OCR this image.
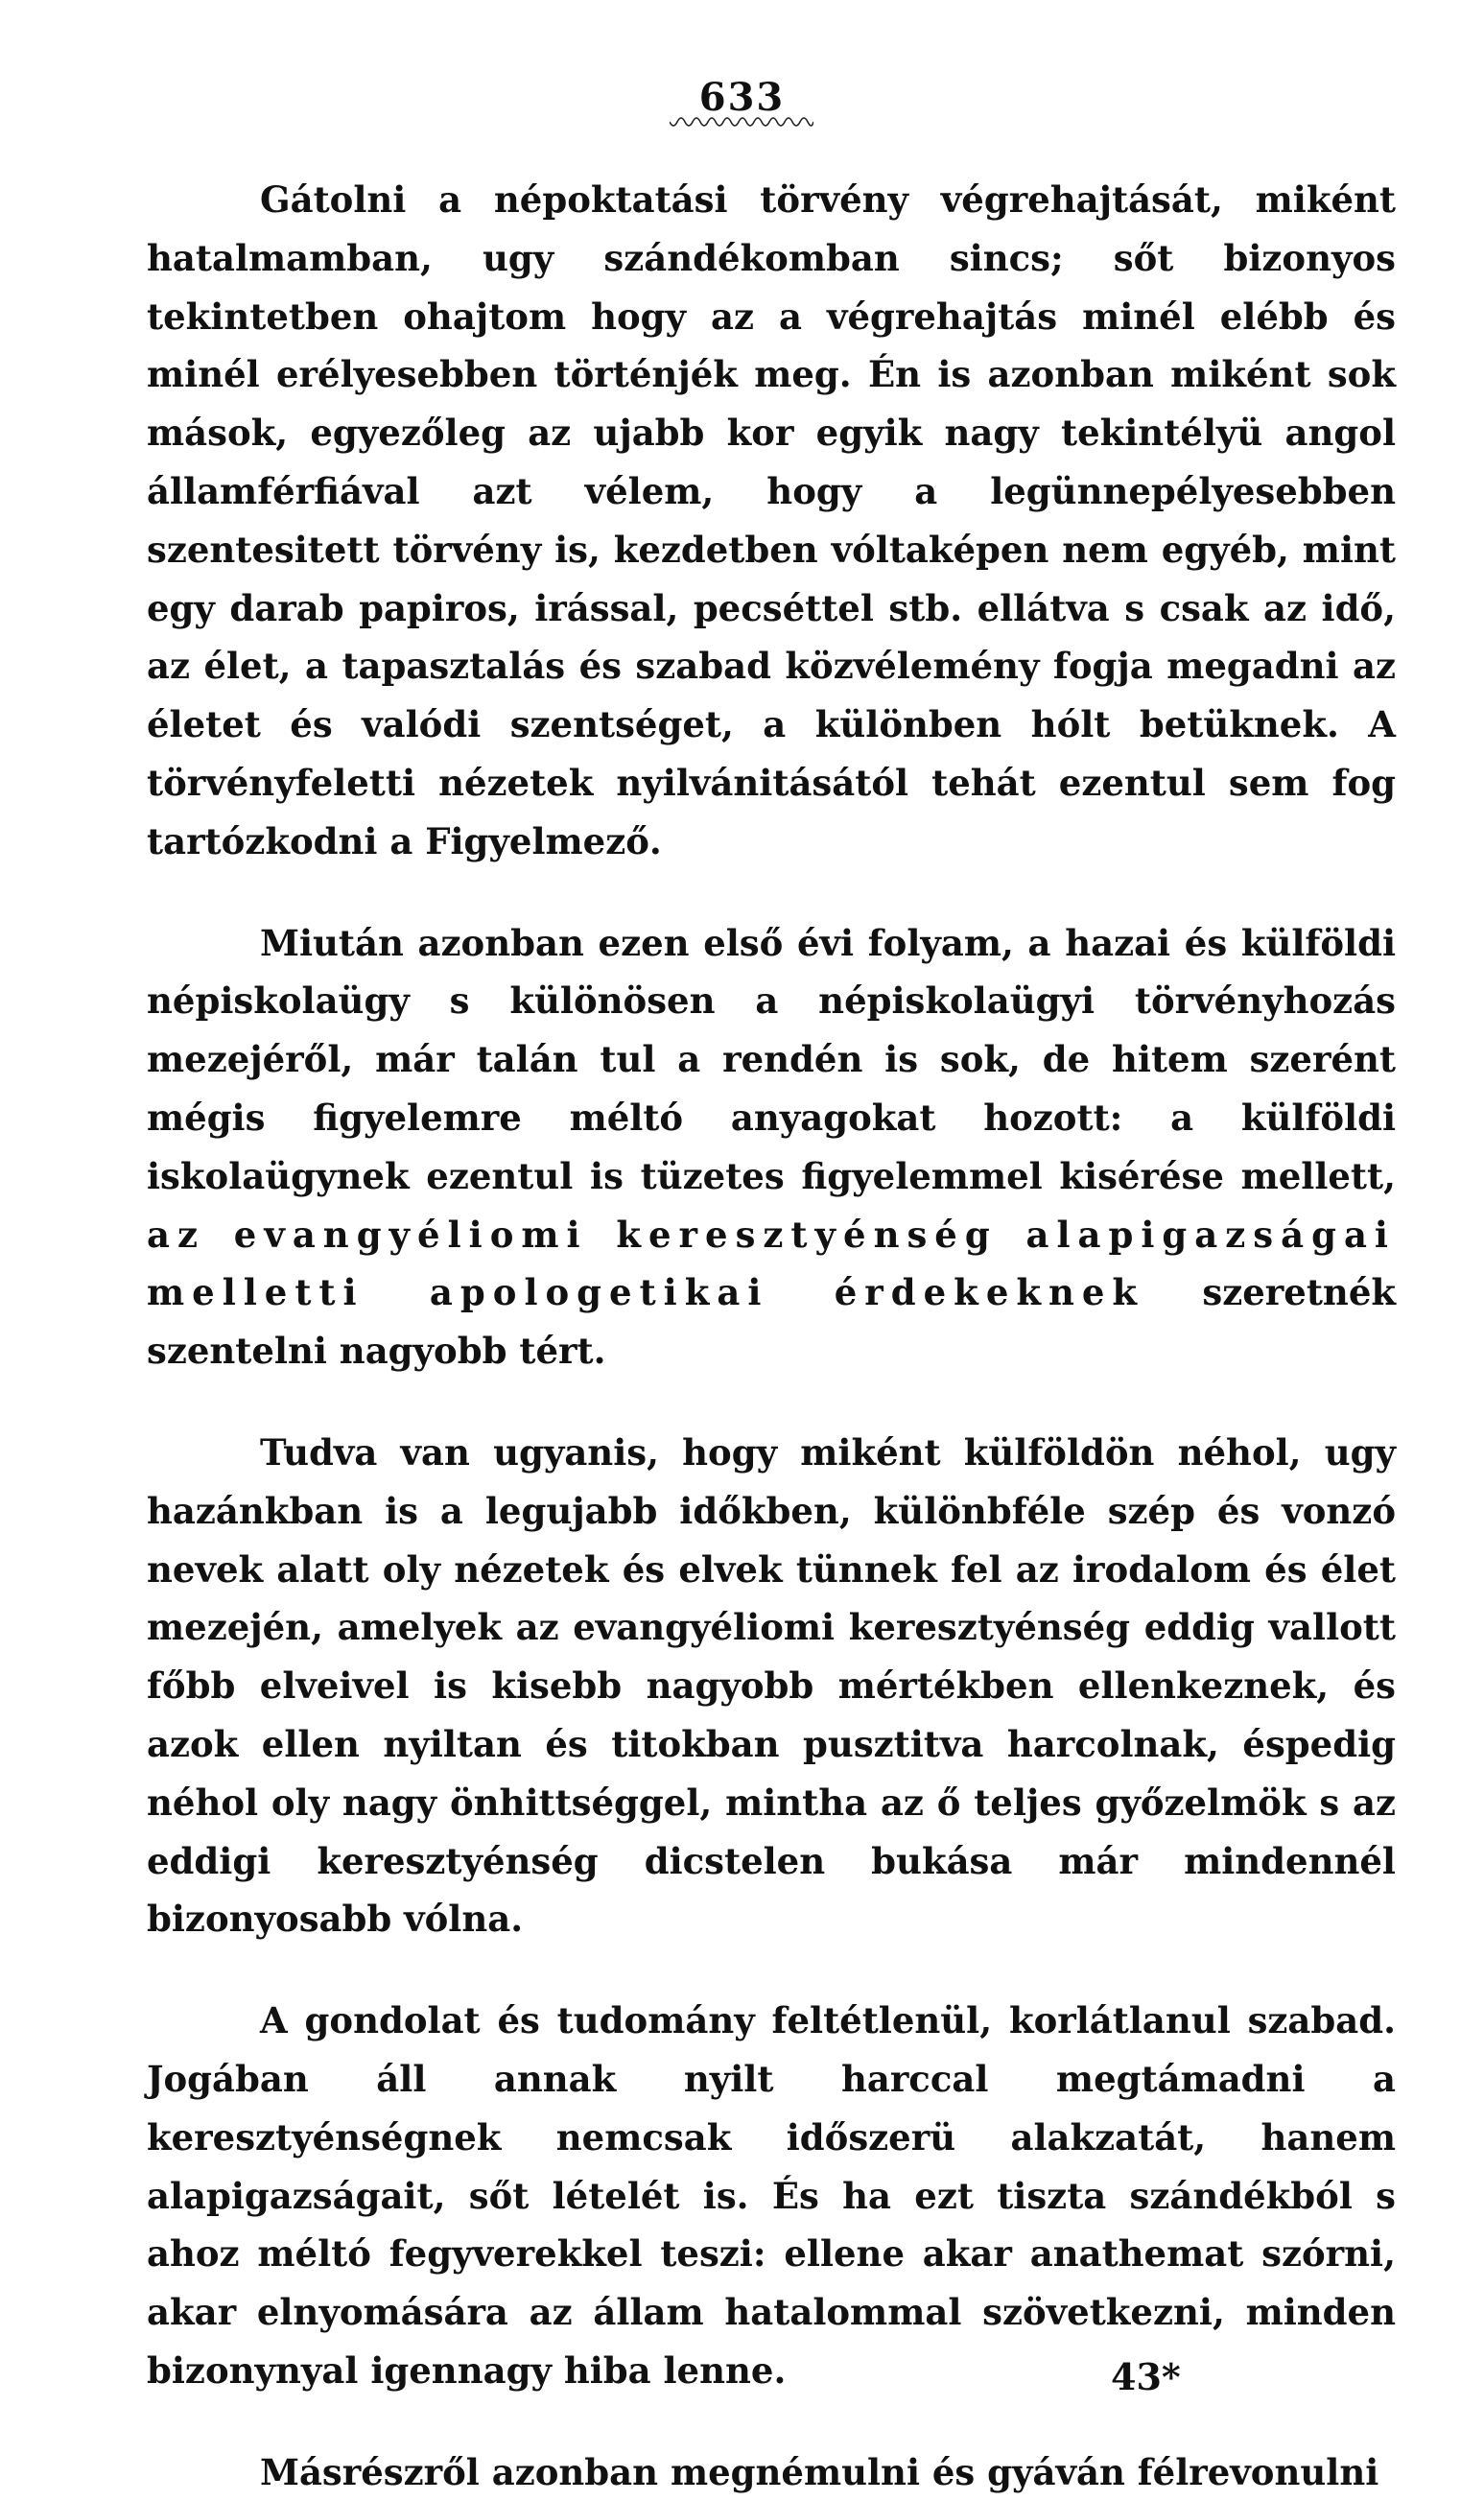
633

Gátolni a népoktatási törvény végrehajtását, miként hatalmamban, ugy szándékomban sincs; sőt bizonyos tekintetben ohajtom hogy az a végrehajtás minél elébb és minél erélyesebben történjék meg. Én is azonban miként sok mások, egyezőleg az ujabb kor egyik nagy tekintélyü angol államférfiával azt vélem, hogy a legünnepélyesebben szentesitett törvény is, kezdetben vóltaképen nem egyéb, mint egy darab papiros, irással, pecséttel stb. ellátva s csak az idő, az élet, a tapasztalás és szabad közvélemény fogja megadni az életet és valódi szentséget, a különben hólt betüknek. A törvényfeletti nézetek nyilvánitásától tehát ezentul sem fog tartózkodni a Figyelmező.

Miután azonban ezen első évi folyam, a hazai és külföldi népiskolaügy s különösen a népiskolaügyi törvényhozás mezejéről, már talán tul a rendén is sok, de hitem szerént mégis figyelemre méltó anyagokat hozott: a külföldi iskolaügynek ezentul is tüzetes figyelemmel kisérése mellett, az evangyéliomi keresztyénség alapigazságai melletti apologetikai érdekeknek szeretnék szentelni nagyobb tért.

Tudva van ugyanis, hogy miként külföldön néhol, ugy hazánkban is a legujabb időkben, különbféle szép és vonzó nevek alatt oly nézetek és elvek tünnek fel az irodalom és élet mezején, amelyek az evangyéliomi keresztyénség eddig vallott főbb elveivel is kisebb nagyobb mértékben ellenkeznek, és azok ellen nyiltan és titokban pusztitva harcolnak, éspedig néhol oly nagy önhittséggel, mintha az ő teljes győzelmök s az eddigi keresztyénség dicstelen bukása már mindennél bizonyosabb vólna.

A gondolat és tudomány feltétlenül, korlátlanul szabad. Jogában áll annak nyilt harccal megtámadni a keresztyénségnek nemcsak időszerü alakzatát, hanem alapigazságait, sőt lételét is. És ha ezt tiszta szándékból s ahoz méltó fegyverekkel teszi: ellene akar anathemat szórni, akar elnyomására az állam hatalommal szövetkezni, minden bizonynyal igennagy hiba lenne.

Másrészről azonban megnémulni és gyáván félrevonulni

43*
